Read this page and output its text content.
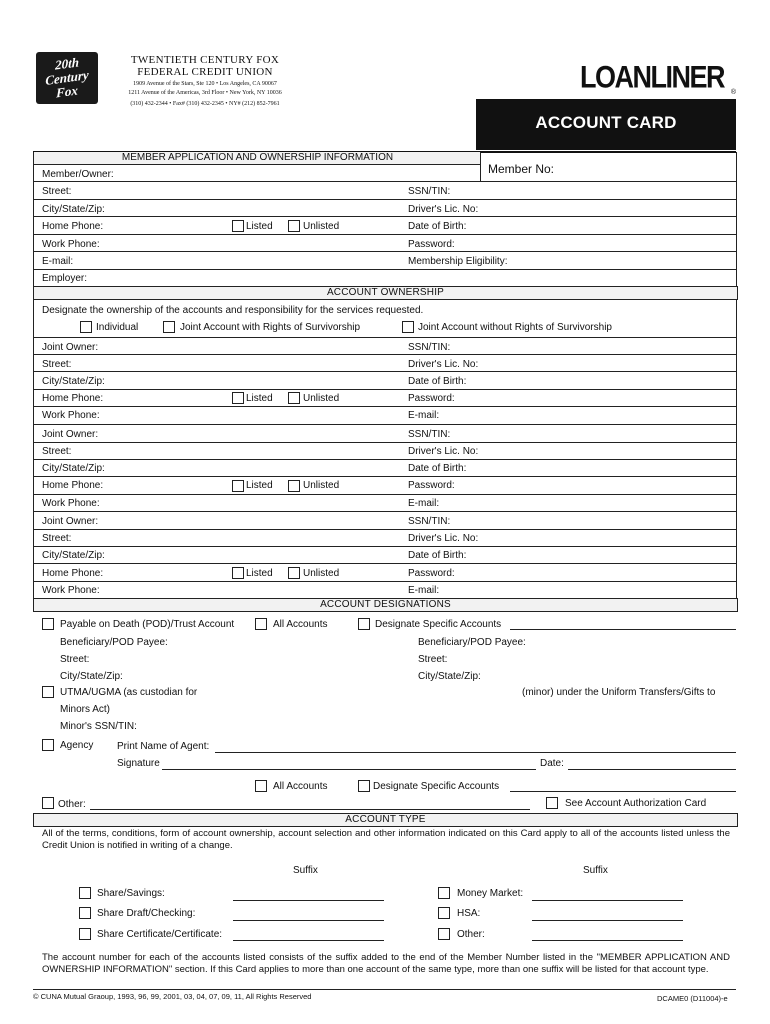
20th Century Fox
TWENTIETH CENTURY FOX
FEDERAL CREDIT UNION
1909 Avenue of the Stars, Ste 120 • Los Angeles, CA 90067
1211 Avenue of the Americas, 3rd Floor • New York, NY 10036
(310) 432-2344 • Fax# (310) 432-2345 • NY# (212) 852-7961
LOANLINER ®
ACCOUNT CARD
MEMBER APPLICATION AND OWNERSHIP INFORMATION
Member No:
Member/Owner:
Street:	SSN/TIN:
City/State/Zip:	Driver's Lic. No:
Home Phone:	Listed	Unlisted	Date of Birth:
Work Phone:	Password:
E-mail:	Membership Eligibility:
Employer:
ACCOUNT OWNERSHIP
Designate the ownership of the accounts and responsibility for the services requested.
Individual	Joint Account with Rights of Survivorship	Joint Account without Rights of Survivorship
Joint Owner:	SSN/TIN:
Street:	Driver's Lic. No:
City/State/Zip:	Date of Birth:
Home Phone:	Listed	Unlisted	Password:
Work Phone:	E-mail:
Joint Owner:	SSN/TIN:
Street:	Driver's Lic. No:
City/State/Zip:	Date of Birth:
Home Phone:	Listed	Unlisted	Password:
Work Phone:	E-mail:
Joint Owner:	SSN/TIN:
Street:	Driver's Lic. No:
City/State/Zip:	Date of Birth:
Home Phone:	Listed	Unlisted	Password:
Work Phone:	E-mail:
ACCOUNT DESIGNATIONS
Payable on Death (POD)/Trust Account	All Accounts	Designate Specific Accounts
Beneficiary/POD Payee:	Beneficiary/POD Payee:
Street:	Street:
City/State/Zip:	City/State/Zip:
UTMA/UGMA (as custodian for	(minor) under the Uniform Transfers/Gifts to
Minors Act)
Minor's SSN/TIN:
Agency Print Name of Agent:
Signature	Date:
All Accounts	Designate Specific Accounts
Other:	See Account Authorization Card
ACCOUNT TYPE
All of the terms, conditions, form of account ownership, account selection and other information indicated on this Card apply to all of the accounts listed unless the Credit Union is notified in writing of a change.
Suffix	Suffix
Share/Savings:	Money Market:
Share Draft/Checking:	HSA:
Share Certificate/Certificate:	Other:
The account number for each of the accounts listed consists of the suffix added to the end of the Member Number listed in the "MEMBER APPLICATION AND OWNERSHIP INFORMATION" section. If this Card applies to more than one account of the same type, more than one suffix will be listed for that account type.
© CUNA Mutual Graoup, 1993, 96, 99, 2001, 03, 04, 07, 09, 11, All Rights Reserved	DCAME0 (D11004)-e
